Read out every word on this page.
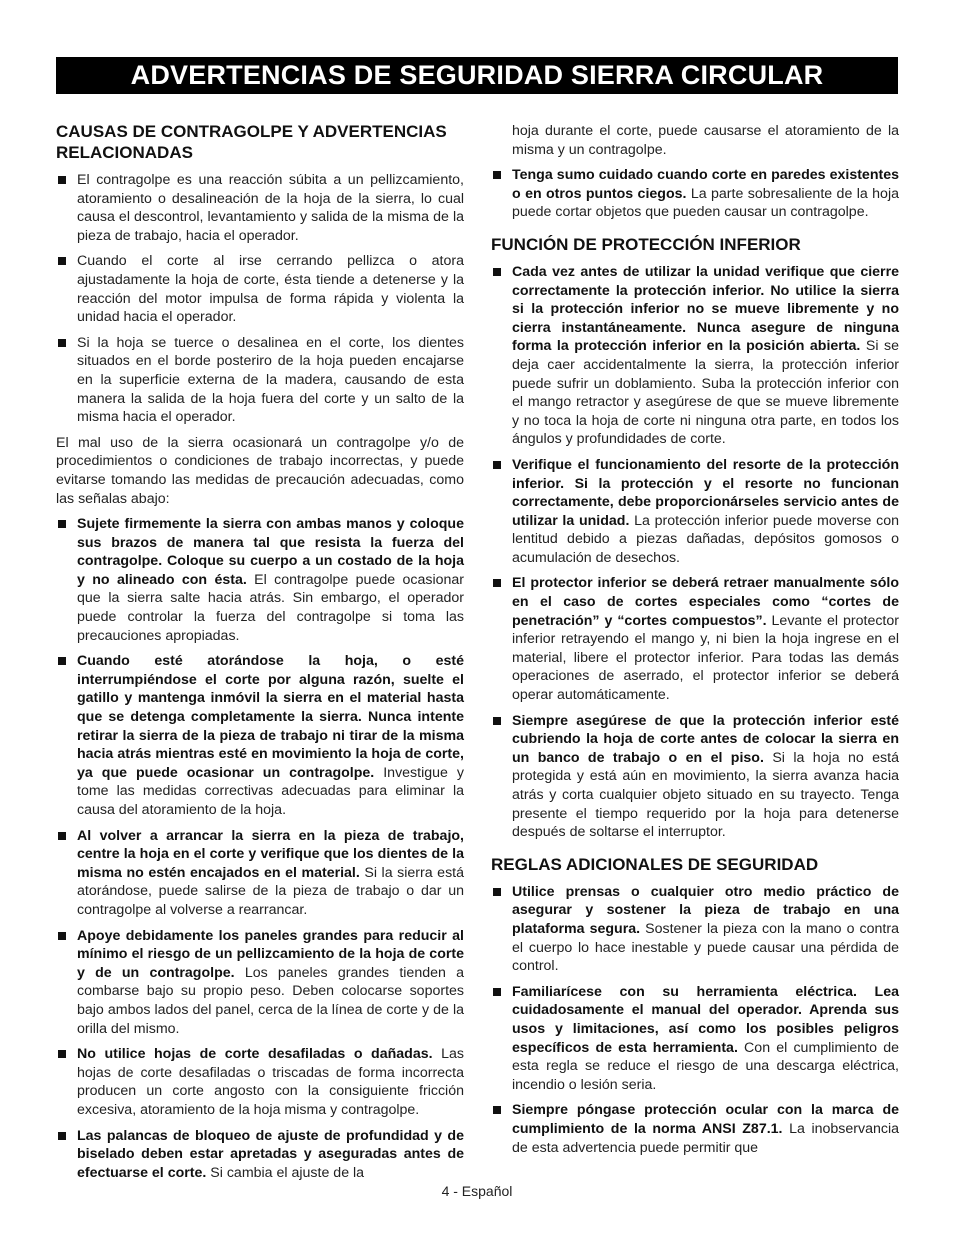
ADVERTENCIAS DE SEGURIDAD SIERRA CIRCULAR
CAUSAS DE CONTRAGOLPE Y ADVERTENCIAS RELACIONADAS
El contragolpe es una reacción súbita a un pellizcamiento, atoramiento o desalineación de la hoja de la sierra, lo cual causa el descontrol, levantamiento y salida de la misma de la pieza de trabajo, hacia el operador.
Cuando el corte al irse cerrando pellizca o atora ajustadamente la hoja de corte, ésta tiende a detenerse y la reacción del motor impulsa de forma rápida y violenta la unidad hacia el operador.
Si la hoja se tuerce o desalinea en el corte, los dientes situados en el borde posteriro de la hoja pueden encajarse en la superficie externa de la madera, causando de esta manera la salida de la hoja fuera del corte y un salto de la misma hacia el operador.

El mal uso de la sierra ocasionará un contragolpe y/o de procedimientos o condiciones de trabajo incorrectas, y puede evitarse tomando las medidas de precaución adecuadas, como las señalas abajo:

Sujete firmemente la sierra con ambas manos y coloque sus brazos de manera tal que resista la fuerza del contragolpe. Coloque su cuerpo a un costado de la hoja y no alineado con ésta. El contragolpe puede ocasionar que la sierra salte hacia atrás. Sin embargo, el operador puede controlar la fuerza del contragolpe si toma las precauciones apropiadas.
Cuando esté atorándose la hoja, o esté interrumpiéndose el corte por alguna razón, suelte el gatillo y mantenga inmóvil la sierra en el material hasta que se detenga completamente la sierra. Nunca intente retirar la sierra de la pieza de trabajo ni tirar de la misma hacia atrás mientras esté en movimiento la hoja de corte, ya que puede ocasionar un contragolpe. Investigue y tome las medidas correctivas adecuadas para eliminar la causa del atoramiento de la hoja.
Al volver a arrancar la sierra en la pieza de trabajo, centre la hoja en el corte y verifique que los dientes de la misma no estén encajados en el material. Si la sierra está atorándose, puede salirse de la pieza de trabajo o dar un contragolpe al volverse a rearrancar.
Apoye debidamente los paneles grandes para reducir al mínimo el riesgo de un pellizcamiento de la hoja de corte y de un contragolpe. Los paneles grandes tienden a combarse bajo su propio peso. Deben colocarse soportes bajo ambos lados del panel, cerca de la línea de corte y de la orilla del mismo.
No utilice hojas de corte desafiladas o dañadas. Las hojas de corte desafiladas o triscadas de forma incorrecta producen un corte angosto con la consiguiente fricción excesiva, atoramiento de la hoja misma y contragolpe.
Las palancas de bloqueo de ajuste de profundidad y de biselado deben estar apretadas y aseguradas antes de efectuarse el corte. Si cambia el ajuste de la
hoja durante el corte, puede causarse el atoramiento de la misma y un contragolpe.
Tenga sumo cuidado cuando corte en paredes existentes o en otros puntos ciegos. La parte sobresaliente de la hoja puede cortar objetos que pueden causar un contragolpe.
FUNCIÓN DE PROTECCIÓN INFERIOR
Cada vez antes de utilizar la unidad verifique que cierre correctamente la protección inferior. No utilice la sierra si la protección inferior no se mueve libremente y no cierra instantáneamente. Nunca asegure de ninguna forma la protección inferior en la posición abierta. Si se deja caer accidentalmente la sierra, la protección inferior puede sufrir un doblamiento. Suba la protección inferior con el mango retractor y asegúrese de que se mueve libremente y no toca la hoja de corte ni ninguna otra parte, en todos los ángulos y profundidades de corte.
Verifique el funcionamiento del resorte de la protección inferior. Si la protección y el resorte no funcionan correctamente, debe proporcionárseles servicio antes de utilizar la unidad. La protección inferior puede moverse con lentitud debido a piezas dañadas, depósitos gomosos o acumulación de desechos.
El protector inferior se deberá retraer manualmente sólo en el caso de cortes especiales como “cortes de penetración” y “cortes compuestos”. Levante el protector inferior retrayendo el mango y, ni bien la hoja ingrese en el material, libere el protector inferior. Para todas las demás operaciones de aserrado, el protector inferior se deberá operar automáticamente.
Siempre asegúrese de que la protección inferior esté cubriendo la hoja de corte antes de colocar la sierra en un banco de trabajo o en el piso. Si la hoja no está protegida y está aún en movimiento, la sierra avanza hacia atrás y corta cualquier objeto situado en su trayecto. Tenga presente el tiempo requerido por la hoja para detenerse después de soltarse el interruptor.
REGLAS ADICIONALES DE SEGURIDAD
Utilice prensas o cualquier otro medio práctico de asegurar y sostener la pieza de trabajo en una plataforma segura. Sostener la pieza con la mano o contra el cuerpo lo hace inestable y puede causar una pérdida de control.
Familiarícese con su herramienta eléctrica. Lea cuidadosamente el manual del operador. Aprenda sus usos y limitaciones, así como los posibles peligros específicos de esta herramienta. Con el cumplimiento de esta regla se reduce el riesgo de una descarga eléctrica, incendio o lesión seria.
Siempre póngase protección ocular con la marca de cumplimiento de la norma ANSI Z87.1. La inobservancia de esta advertencia puede permitir que
4 - Español
